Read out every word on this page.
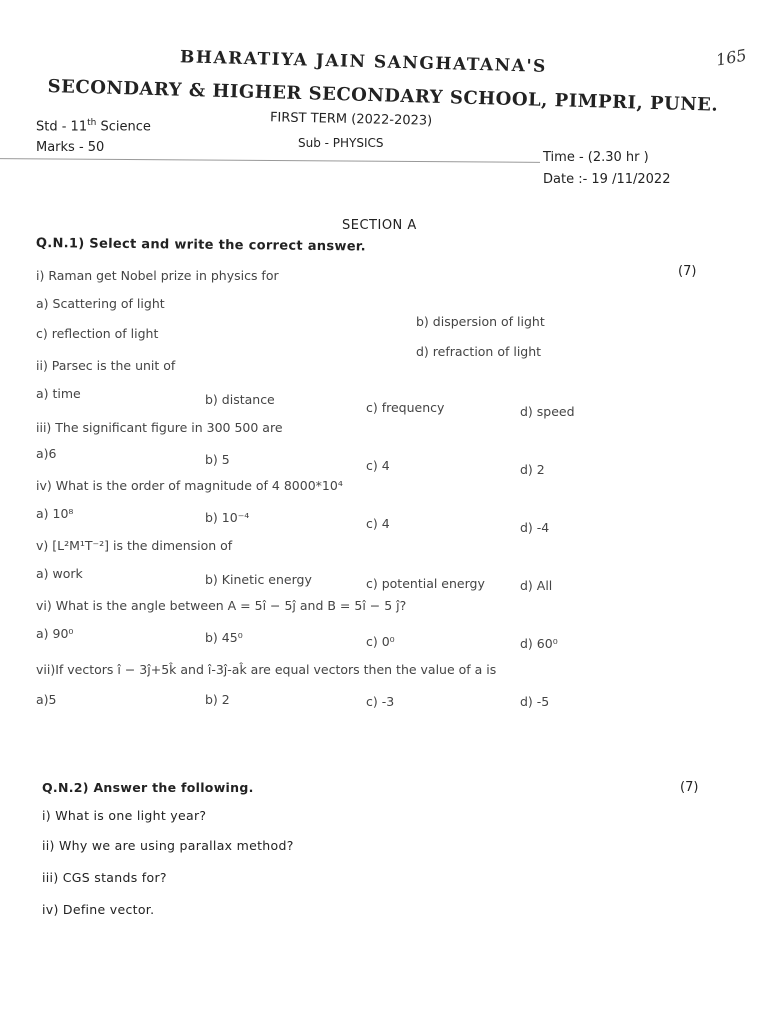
BHARATIYA JAIN SANGHATANA'S
SECONDARY & HIGHER SECONDARY SCHOOL, PIMPRI, PUNE.
165
Std - 11th Science
Marks - 50
FIRST TERM (2022-2023)
Sub - PHYSICS
Time - (2.30 hr )
Date :- 19 /11/2022
SECTION A
Q.N.1) Select and write the correct answer.
(7)
i) Raman get Nobel prize in physics for
a) Scattering of light
b) dispersion of light
c) reflection of light
d) refraction of light
ii) Parsec is the unit of
a) time	b) distance
c) frequency	d) speed
iii) The significant figure in 300 500 are
a)6	b) 5	c) 4	d) 2
iv) What is the order of magnitude of 4 8000*10⁴
a) 10⁸	b) 10⁻⁴	c) 4	d) -4
v) [L²M¹T⁻²] is the dimension of
a) work	b) Kinetic energy	c) potential energy	d) All
vi) What is the angle between A = 5î − 5ĵ and B = 5î − 5 ĵ?
a) 90⁰	b) 45⁰	c) 0⁰	d) 60⁰
vii)If vectors î − 3ĵ+5k̂ and î-3ĵ-ak̂ are equal vectors then the value of a is
a)5	b) 2	c) -3	d) -5
Q.N.2) Answer the following.	(7)
i) What is one light year?
ii) Why we are using parallax method?
iii) CGS stands for?
iv) Define vector.
